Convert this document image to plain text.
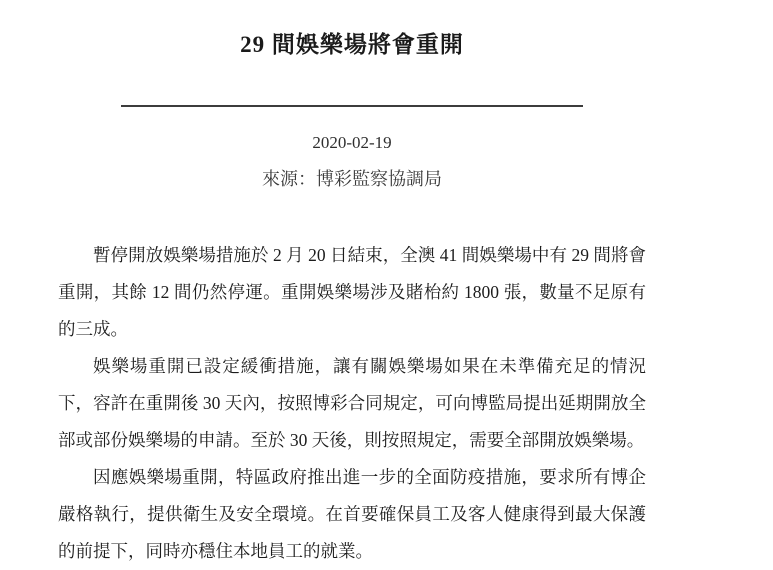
29 間娛樂場將會重開
2020-02-19
來源：博彩監察協調局

暫停開放娛樂場措施於 2 月 20 日結束，全澳 41 間娛樂場中有 29 間將會重開，其餘 12 間仍然停運。重開娛樂場涉及賭枱約 1800 張，數量不足原有的三成。

娛樂場重開已設定緩衝措施，讓有關娛樂場如果在未準備充足的情況下，容許在重開後 30 天內，按照博彩合同規定，可向博監局提出延期開放全部或部份娛樂場的申請。至於 30 天後，則按照規定，需要全部開放娛樂場。

因應娛樂場重開，特區政府推出進一步的全面防疫措施，要求所有博企嚴格執行，提供衛生及安全環境。在首要確保員工及客人健康得到最大保護的前提下，同時亦穩住本地員工的就業。
